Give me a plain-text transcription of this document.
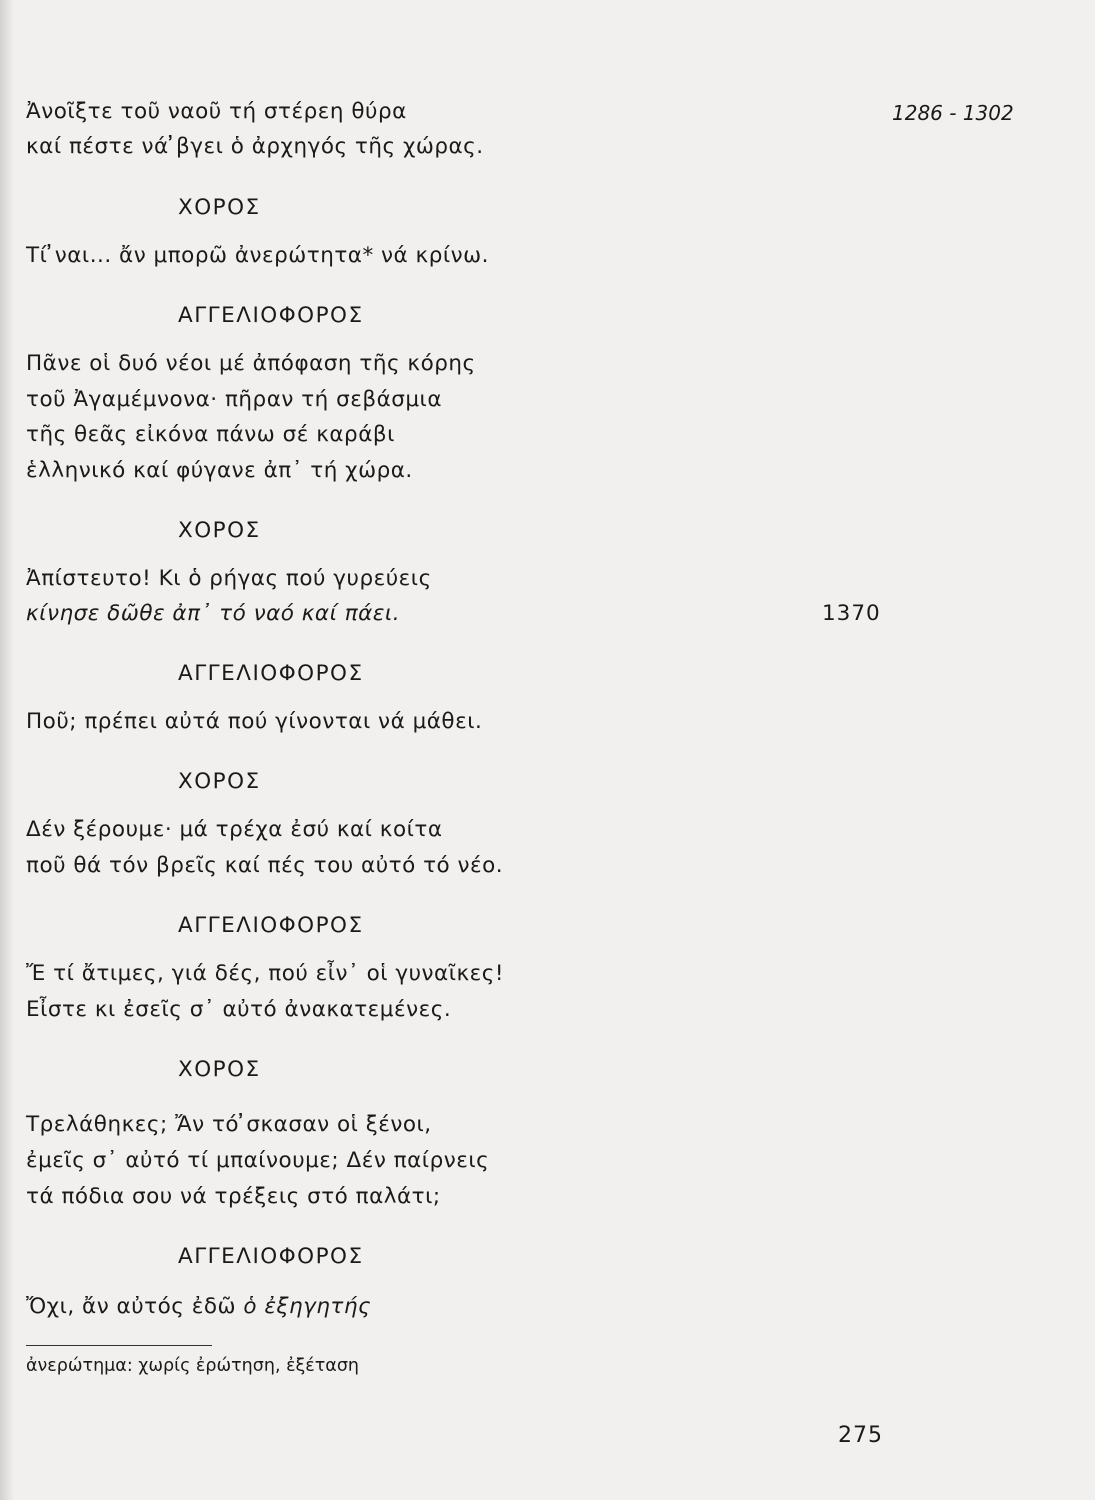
1286 - 1302
Ἀνοῖξτε τοῦ ναοῦ τή στέρεη θύρα
καί πέστε νά ̓βγει ὁ ἀρχηγός τῆς χώρας.
ΧΟΡΟΣ
Τί ̓ναι... ἄν μπορῶ ἀνερώτητα* νά κρίνω.
ΑΓΓΕΛΙΟΦΟΡΟΣ
Πᾶνε οἱ δυό νέοι μέ ἀπόφαση τῆς κόρης
τοῦ Ἀγαμέμνονα· πῆραν τή σεβάσμια
τῆς θεᾶς εἰκόνα πάνω σέ καράβι
ἑλληνικό καί φύγανε ἀπ᾽ τή χώρα.
ΧΟΡΟΣ
Ἀπίστευτο! Κι ὁ ρήγας πού γυρεύεις
κίνησε δῶθε ἀπ᾽ τό ναό καί πάει.
ΑΓΓΕΛΙΟΦΟΡΟΣ
Ποῦ; πρέπει αὐτά πού γίνονται νά μάθει.
ΧΟΡΟΣ
Δέν ξέρουμε· μά τρέχα ἐσύ καί κοίτα
ποῦ θά τόν βρεῖς καί πές του αὐτό τό νέο.
ΑΓΓΕΛΙΟΦΟΡΟΣ
Ἔ τί ἄτιμες, γιά δές, πού εἶν᾽ οἱ γυναῖκες!
Εἶστε κι ἐσεῖς σ᾽ αὐτό ἀνακατεμένες.
ΧΟΡΟΣ
Τρελάθηκες; Ἄν τό ̓σκασαν οἱ ξένοι,
ἐμεῖς σ᾽ αὐτό τί μπαίνουμε; Δέν παίρνεις
τά πόδια σου νά τρέξεις στό παλάτι;
ΑΓΓΕΛΙΟΦΟΡΟΣ
Ὄχι, ἄν αὐτός ἐδῶ ὁ ἐξηγητής
1370
ἀνερώτημα: χωρίς ἐρώτηση, ἐξέταση
275
